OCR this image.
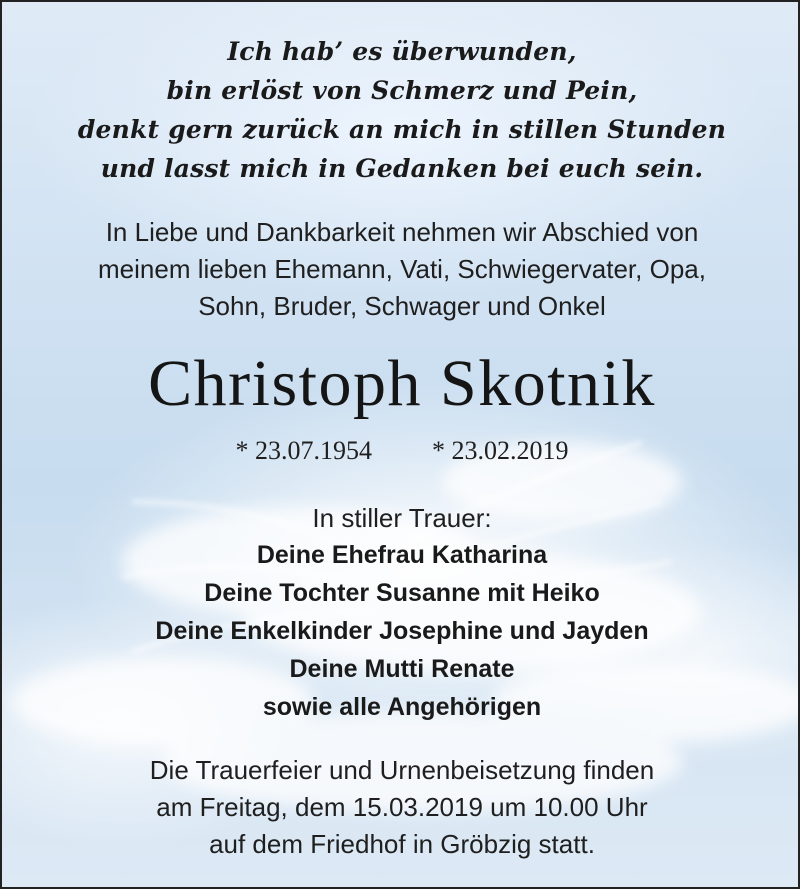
Ich hab’ es überwunden,
bin erlöst von Schmerz und Pein,
denkt gern zurück an mich in stillen Stunden
und lasst mich in Gedanken bei euch sein.
In Liebe und Dankbarkeit nehmen wir Abschied von
meinem lieben Ehemann, Vati, Schwiegervater, Opa,
Sohn, Bruder, Schwager und Onkel
Christoph Skotnik
* 23.07.1954 * 23.02.2019
In stiller Trauer:
Deine Ehefrau Katharina
Deine Tochter Susanne mit Heiko
Deine Enkelkinder Josephine und Jayden
Deine Mutti Renate
sowie alle Angehörigen
Die Trauerfeier und Urnenbeisetzung finden
am Freitag, dem 15.03.2019 um 10.00 Uhr
auf dem Friedhof in Gröbzig statt.
